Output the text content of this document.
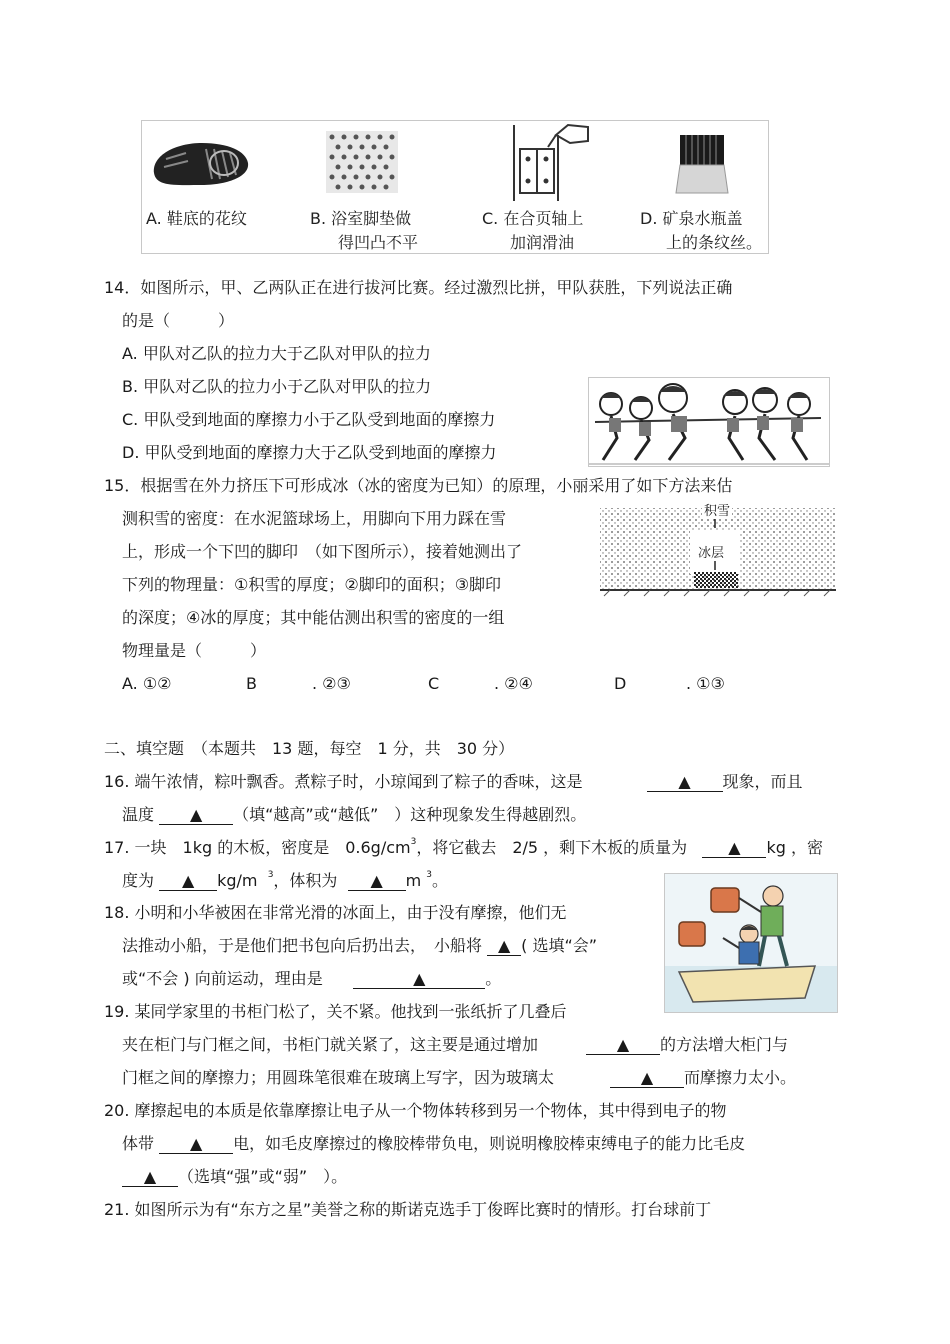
A. 鞋底的花纹	B. 浴室脚垫做
得凹凸不平
C. 在合页轴上
加润滑油
D. 矿泉水瓶盖
上的条纹丝。
14．如图所示，甲、乙两队正在进行拔河比赛。经过激烈比拼，甲队获胜，下列说法正确
的是（　　　）
A. 甲队对乙队的拉力大于乙队对甲队的拉力
B. 甲队对乙队的拉力小于乙队对甲队的拉力
C. 甲队受到地面的摩擦力小于乙队受到地面的摩擦力
D. 甲队受到地面的摩擦力大于乙队受到地面的摩擦力
15．根据雪在外力挤压下可形成冰（冰的密度为已知）的原理，小丽采用了如下方法来估
测积雪的密度：在水泥篮球场上，用脚向下用力踩在雪
上，形成一个下凹的脚印　（如下图所示），接着她测出了
下列的物理量：①积雪的厚度；②脚印的面积；③脚印
的深度；④冰的厚度；其中能估测出积雪的密度的一组
物理量是（　　　）
积雪
冰层
A. ①②	B	. ②③	C	. ②④	D	. ①③
二、填空题　（本题共　13 题，每空　1 分，共　30 分）
16. 端午浓情，粽叶飘香。煮粽子时，小琼闻到了粽子的香味，这是	▲ 现象，而且
温度 ▲ （填“越高”或“越低”　）这种现象发生得越剧烈。
17. 一块　1kg 的木板，密度是　$0.6g/cm^3$，将它截去　2/5 ，剩下木板的质量为	▲ kg ，密
度为 ▲ kg/m $^3$，体积为 ▲ m $^3$。
18. 小明和小华被困在非常光滑的冰面上，由于没有摩擦，他们无
法推动小船，于是他们把书包向后扔出去，　小船将 ▲ ( 选填“会”
或“不会 ) 向前运动，理由是	▲	。
19. 某同学家里的书柜门松了，关不紧。他找到一张纸折了几叠后
夹在柜门与门框之间，书柜门就关紧了，这主要是通过增加	▲ 的方法增大柜门与
门框之间的摩擦力；用圆珠笔很难在玻璃上写字，因为玻璃太	▲ 而摩擦力太小。
20. 摩擦起电的本质是依靠摩擦让电子从一个物体转移到另一个物体，其中得到电子的物
体带 ▲ 电，如毛皮摩擦过的橡胶棒带负电，则说明橡胶棒束缚电子的能力比毛皮
▲ （选填“强”或“弱”　）。
21. 如图所示为有“东方之星”美誉之称的斯诺克选手丁俊晖比赛时的情形。打台球前丁
